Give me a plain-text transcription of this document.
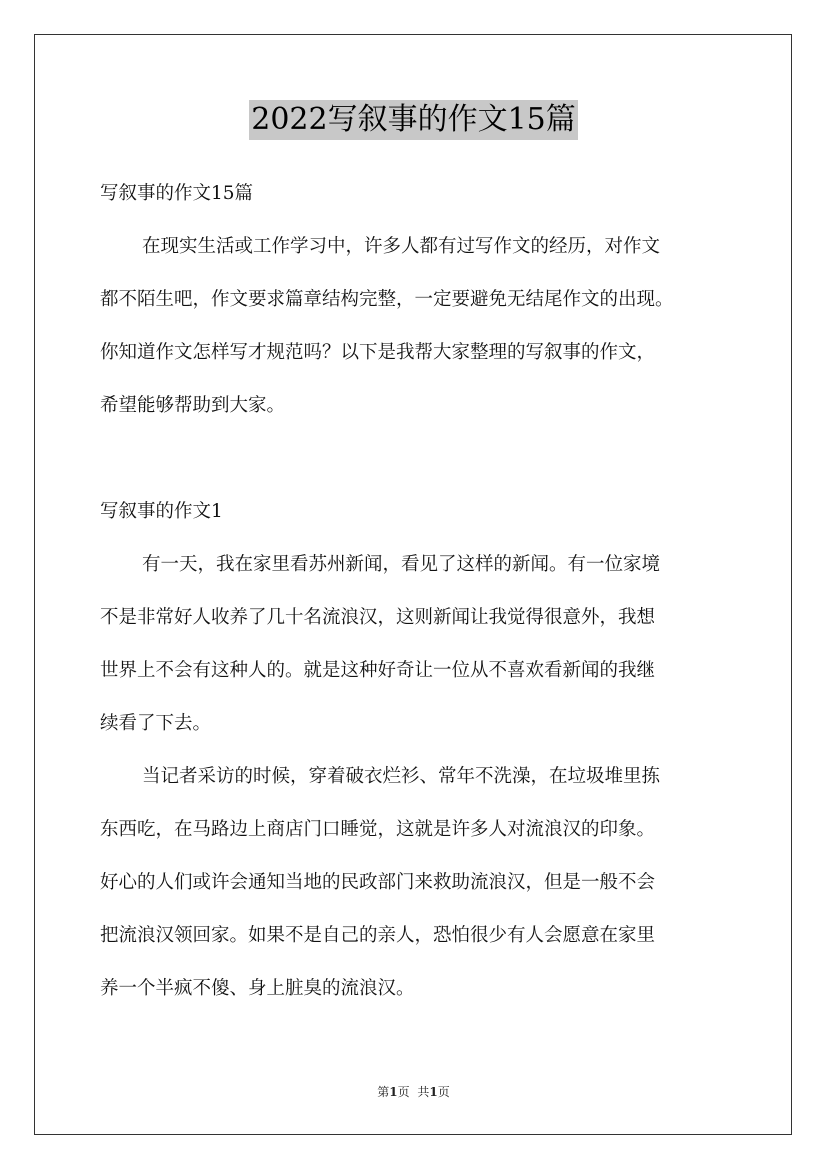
2022写叙事的作文15篇
写叙事的作文15篇
在现实生活或工作学习中，许多人都有过写作文的经历，对作文
都不陌生吧，作文要求篇章结构完整，一定要避免无结尾作文的出现。
你知道作文怎样写才规范吗？以下是我帮大家整理的写叙事的作文，
希望能够帮助到大家。
写叙事的作文1
有一天，我在家里看苏州新闻，看见了这样的新闻。有一位家境
不是非常好人收养了几十名流浪汉，这则新闻让我觉得很意外，我想
世界上不会有这种人的。就是这种好奇让一位从不喜欢看新闻的我继
续看了下去。
当记者采访的时候，穿着破衣烂衫、常年不洗澡，在垃圾堆里拣
东西吃，在马路边上商店门口睡觉，这就是许多人对流浪汉的印象。
好心的人们或许会通知当地的民政部门来救助流浪汉，但是一般不会
把流浪汉领回家。如果不是自己的亲人，恐怕很少有人会愿意在家里
养一个半疯不傻、身上脏臭的流浪汉。
第1页 共1页
